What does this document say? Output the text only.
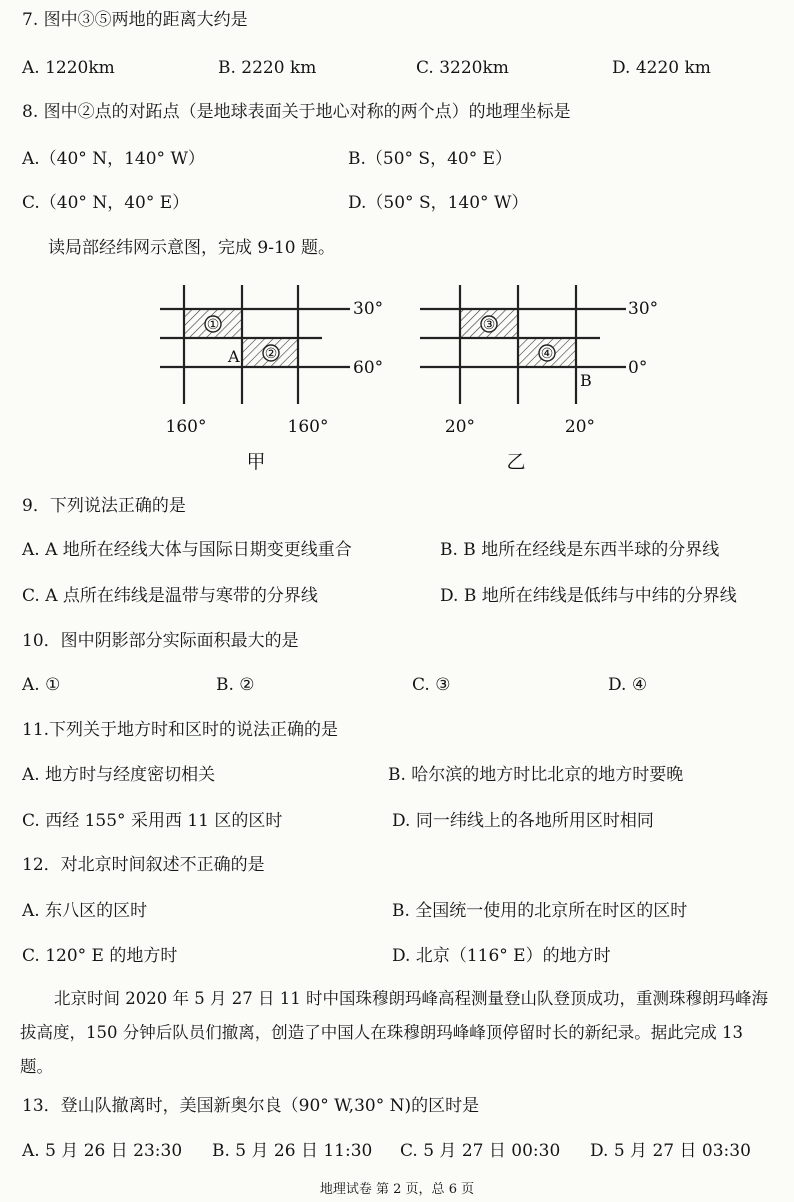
7. 图中③⑤两地的距离大约是
A. 1220km	B. 2220 km	C. 3220km	D. 4220 km
8. 图中②点的对跖点（是地球表面关于地心对称的两个点）的地理坐标是
A.（40° N，140° W）	B.（50° S，40° E）
C.（40° N，40° E）	D.（50° S，140° W）
读局部经纬网示意图，完成 9-10 题。
①
②
A
30°
60°
160°	160°
甲
③
④
B
30°
0°
20°	20°
乙
9．下列说法正确的是
A. A 地所在经线大体与国际日期变更线重合	B. B 地所在经线是东西半球的分界线
C. A 点所在纬线是温带与寒带的分界线	D. B 地所在纬线是低纬与中纬的分界线
10．图中阴影部分实际面积最大的是
A. ①	B. ②	C. ③	D. ④
11.下列关于地方时和区时的说法正确的是
A. 地方时与经度密切相关	B. 哈尔滨的地方时比北京的地方时要晚
C. 西经 155° 采用西 11 区的区时	D. 同一纬线上的各地所用区时相同
12．对北京时间叙述不正确的是
A. 东八区的区时	B. 全国统一使用的北京所在时区的区时
C. 120° E 的地方时	D. 北京（116° E）的地方时
北京时间 2020 年 5 月 27 日 11 时中国珠穆朗玛峰高程测量登山队登顶成功，重测珠穆朗玛峰海拔高度，150 分钟后队员们撤离，创造了中国人在珠穆朗玛峰峰顶停留时长的新纪录。据此完成 13 题。
13．登山队撤离时，美国新奥尔良（90° W,30° N)的区时是
A. 5 月 26 日 23:30 B. 5 月 26 日 11:30 C. 5 月 27 日 00:30 D. 5 月 27 日 03:30
地理试卷 第 2 页，总 6 页
